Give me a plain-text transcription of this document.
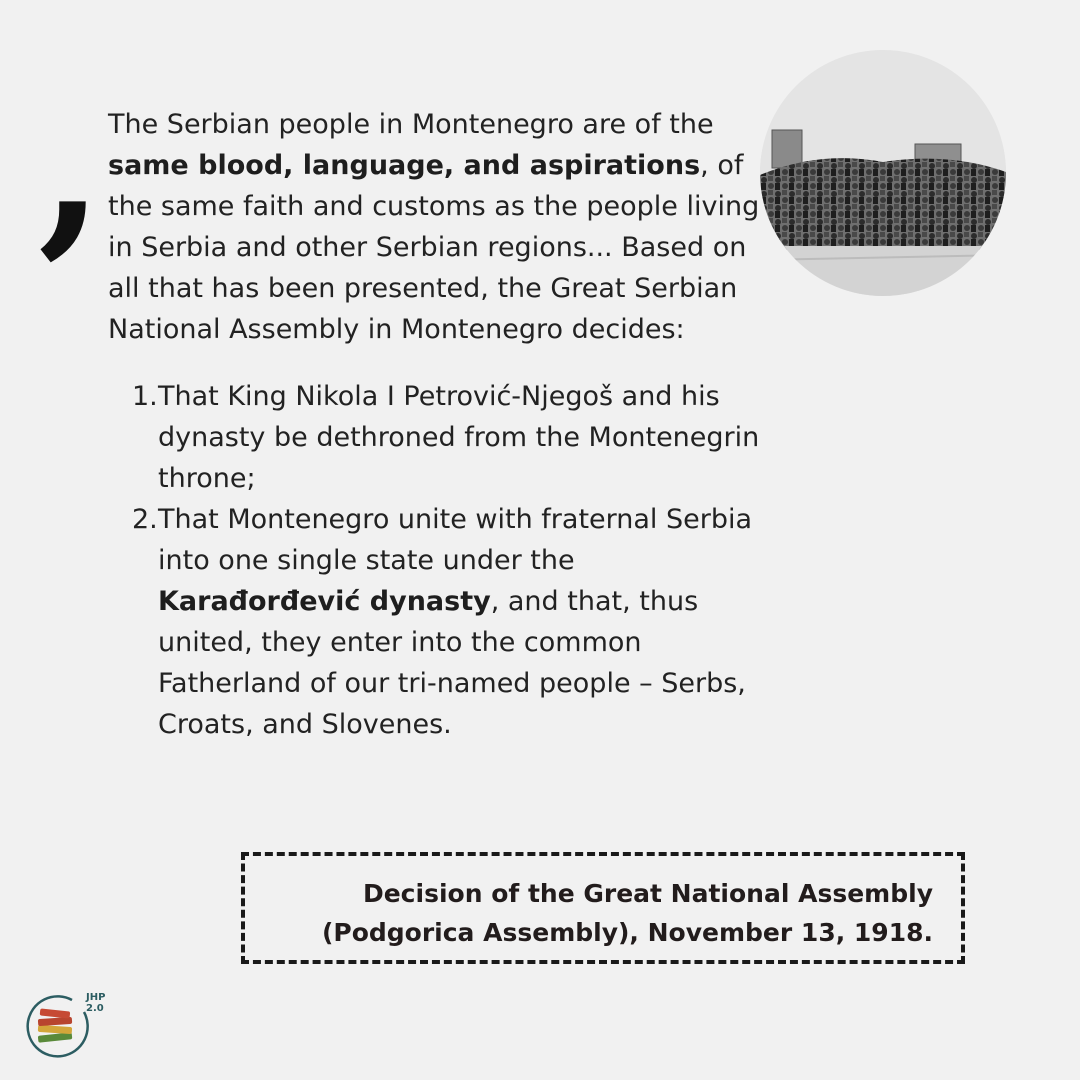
, The Serbian people in Montenegro are of the same blood, language, and aspirations, of the same faith and customs as the people living in Serbia and other Serbian regions... Based on all that has been presented, the Great Serbian National Assembly in Montenegro decides:

1. That King Nikola I Petrović-Njegoš and his dynasty be dethroned from the Montenegrin throne;
2. That Montenegro unite with fraternal Serbia into one single state under the Karađorđević dynasty, and that, thus united, they enter into the common Fatherland of our tri-named people – Serbs, Croats, and Slovenes.
Decision of the Great National Assembly
(Podgorica Assembly), November 13, 1918.
JHP 2.0
